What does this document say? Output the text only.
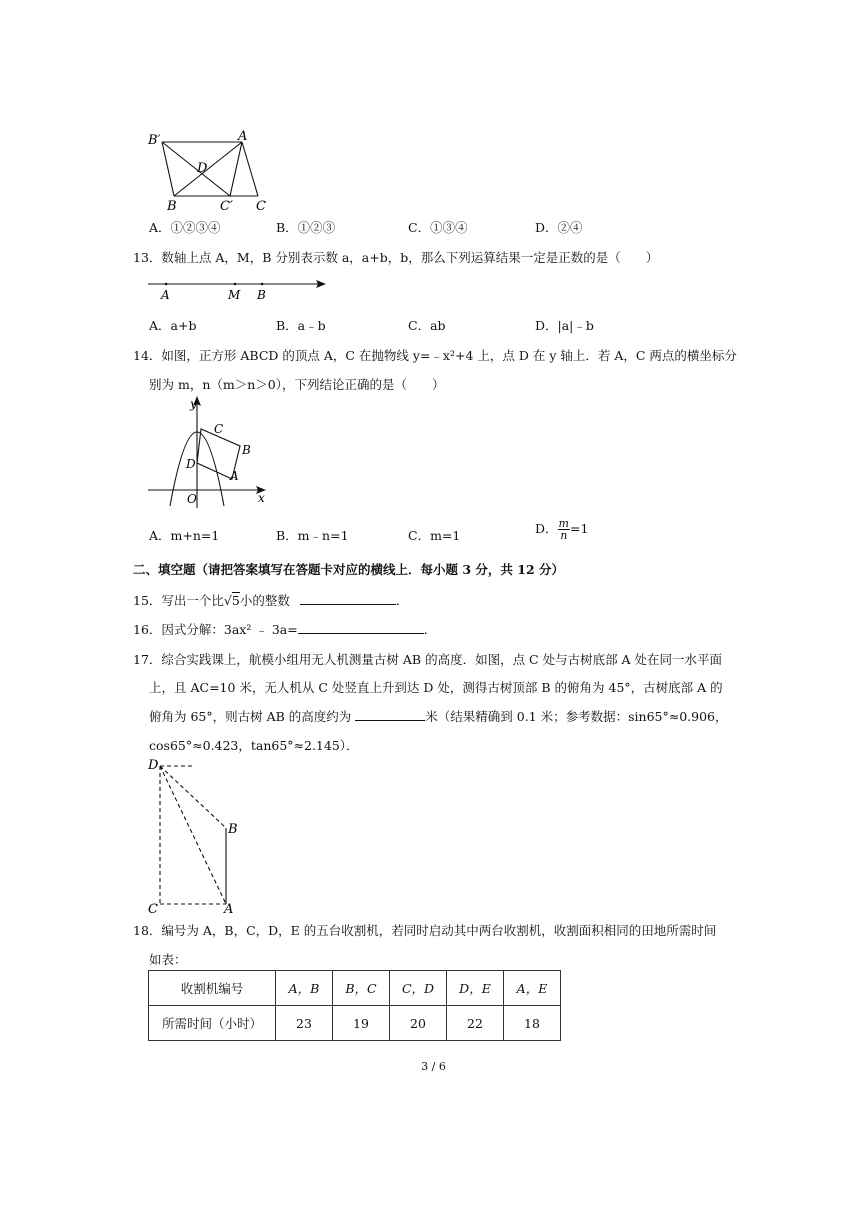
B′	A
D
B	C′ C
A．①②③④	B．①②③	C．①③④	D．②④
13．数轴上点 A，M，B 分别表示数 a，a+b，b，那么下列运算结果一定是正数的是（　　）
A	M B
A．a+b	B．a﹣b	C．ab	D．|a|﹣b
14．如图，正方形 ABCD 的顶点 A，C 在抛物线 y=﹣x²+4 上，点 D 在 y 轴上．若 A，C 两点的横坐标分
别为 m，n（m＞n＞0），下列结论正确的是（　　）
y
x
O
C
B
D
A
A．m+n=1	B．m﹣n=1	C．m=1	D． $\frac{m}{n} =1$
二、填空题（请把答案填写在答题卡对应的横线上．每小题 3 分，共 12 分）
15．写出一个比√5小的整数	．
16．因式分解：3ax² ﹣ 3a=	．
17．综合实践课上，航模小组用无人机测量古树 AB 的高度．如图，点 C 处与古树底部 A 处在同一水平面
上，且 AC=10 米，无人机从 C 处竖直上升到达 D 处，测得古树顶部 B 的俯角为 45°，古树底部 A 的
俯角为 65°，则古树 AB 的高度约为	米（结果精确到 0.1 米；参考数据：sin65°≈0.906，
cos65°≈0.423，tan65°≈2.145）．
D
B
C	A
18．编号为 A，B，C，D，E 的五台收割机，若同时启动其中两台收割机，收割面积相同的田地所需时间
如表：
收割机编号	A，B	B，C	C，D	D，E	A，E
所需时间（小时）	23	19	20	22	18
3 / 6
